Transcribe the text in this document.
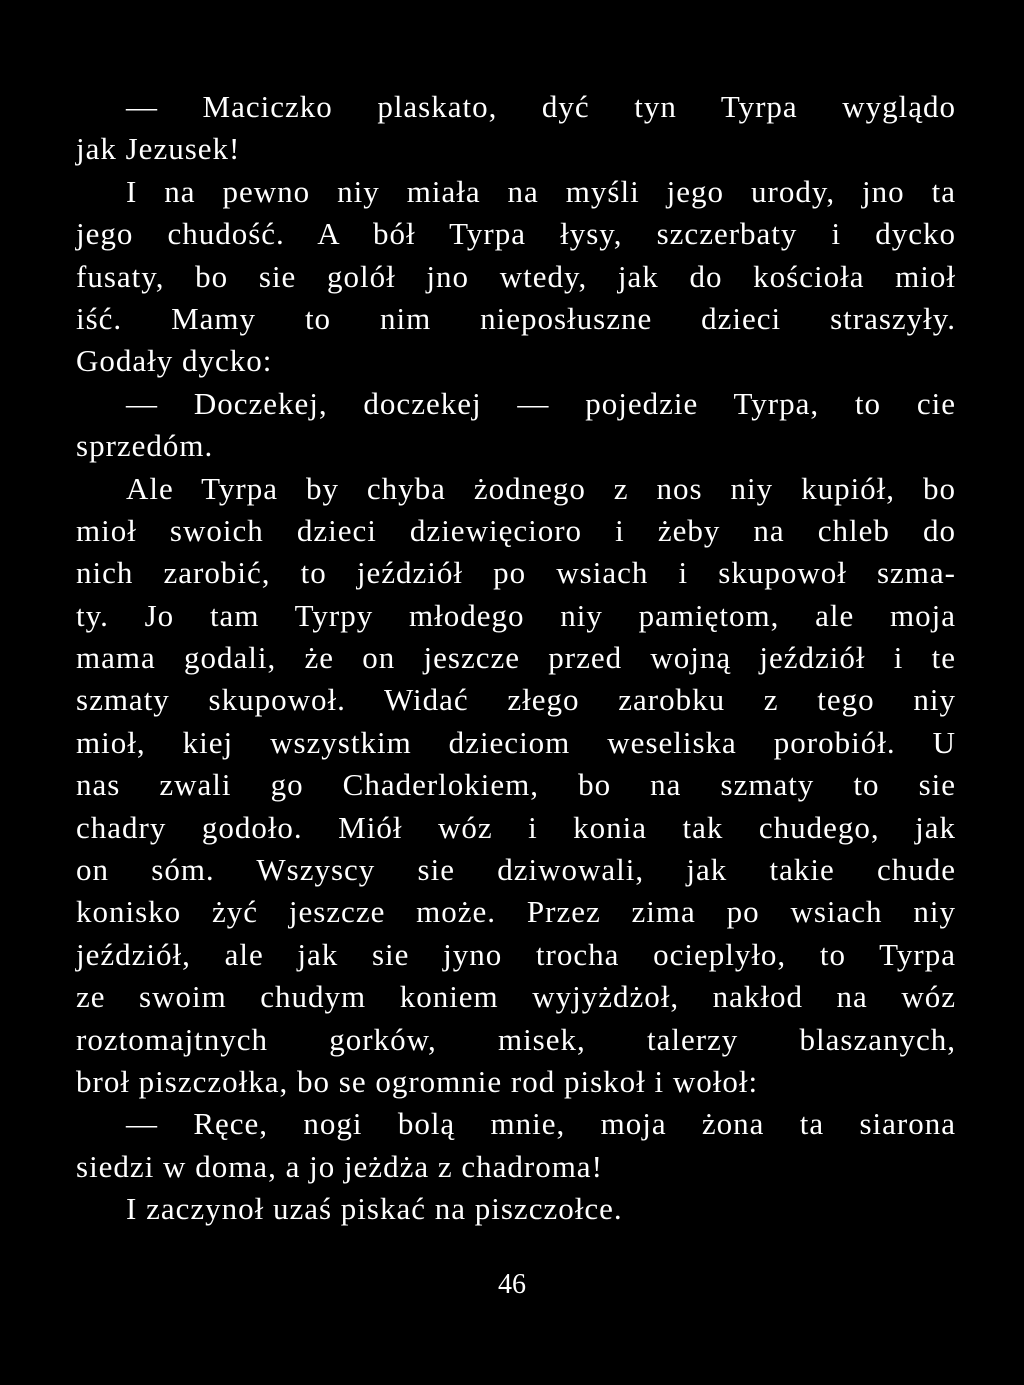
— Maciczko plaskato, dyć tyn Tyrpa wyglądo
jak Jezusek!
I na pewno niy miała na myśli jego urody, jno ta
jego chudość. A bół Tyrpa łysy, szczerbaty i dycko
fusaty, bo sie golół jno wtedy, jak do kościoła mioł
iść. Mamy to nim nieposłuszne dzieci straszyły.
Godały dycko:
— Doczekej, doczekej — pojedzie Tyrpa, to cie
sprzedóm.
Ale Tyrpa by chyba żodnego z nos niy kupiół, bo
mioł swoich dzieci dziewięcioro i żeby na chleb do
nich zarobić, to jeździół po wsiach i skupowoł szma-
ty. Jo tam Tyrpy młodego niy pamiętom, ale moja
mama godali, że on jeszcze przed wojną jeździół i te
szmaty skupowoł. Widać złego zarobku z tego niy
mioł, kiej wszystkim dzieciom weseliska porobiół. U
nas zwali go Chaderlokiem, bo na szmaty to sie
chadry godoło. Miół wóz i konia tak chudego, jak
on sóm. Wszyscy sie dziwowali, jak takie chude
konisko żyć jeszcze może. Przez zima po wsiach niy
jeździół, ale jak sie jyno trocha ocieplyło, to Tyrpa
ze swoim chudym koniem wyjyżdżoł, nakłod na wóz
roztomajtnych gorków, misek, talerzy blaszanych,
broł piszczołka, bo se ogromnie rod piskoł i wołoł:
— Ręce, nogi bolą mnie, moja żona ta siarona
siedzi w doma, a jo jeżdża z chadroma!
I zaczynoł uzaś piskać na piszczołce.
46
